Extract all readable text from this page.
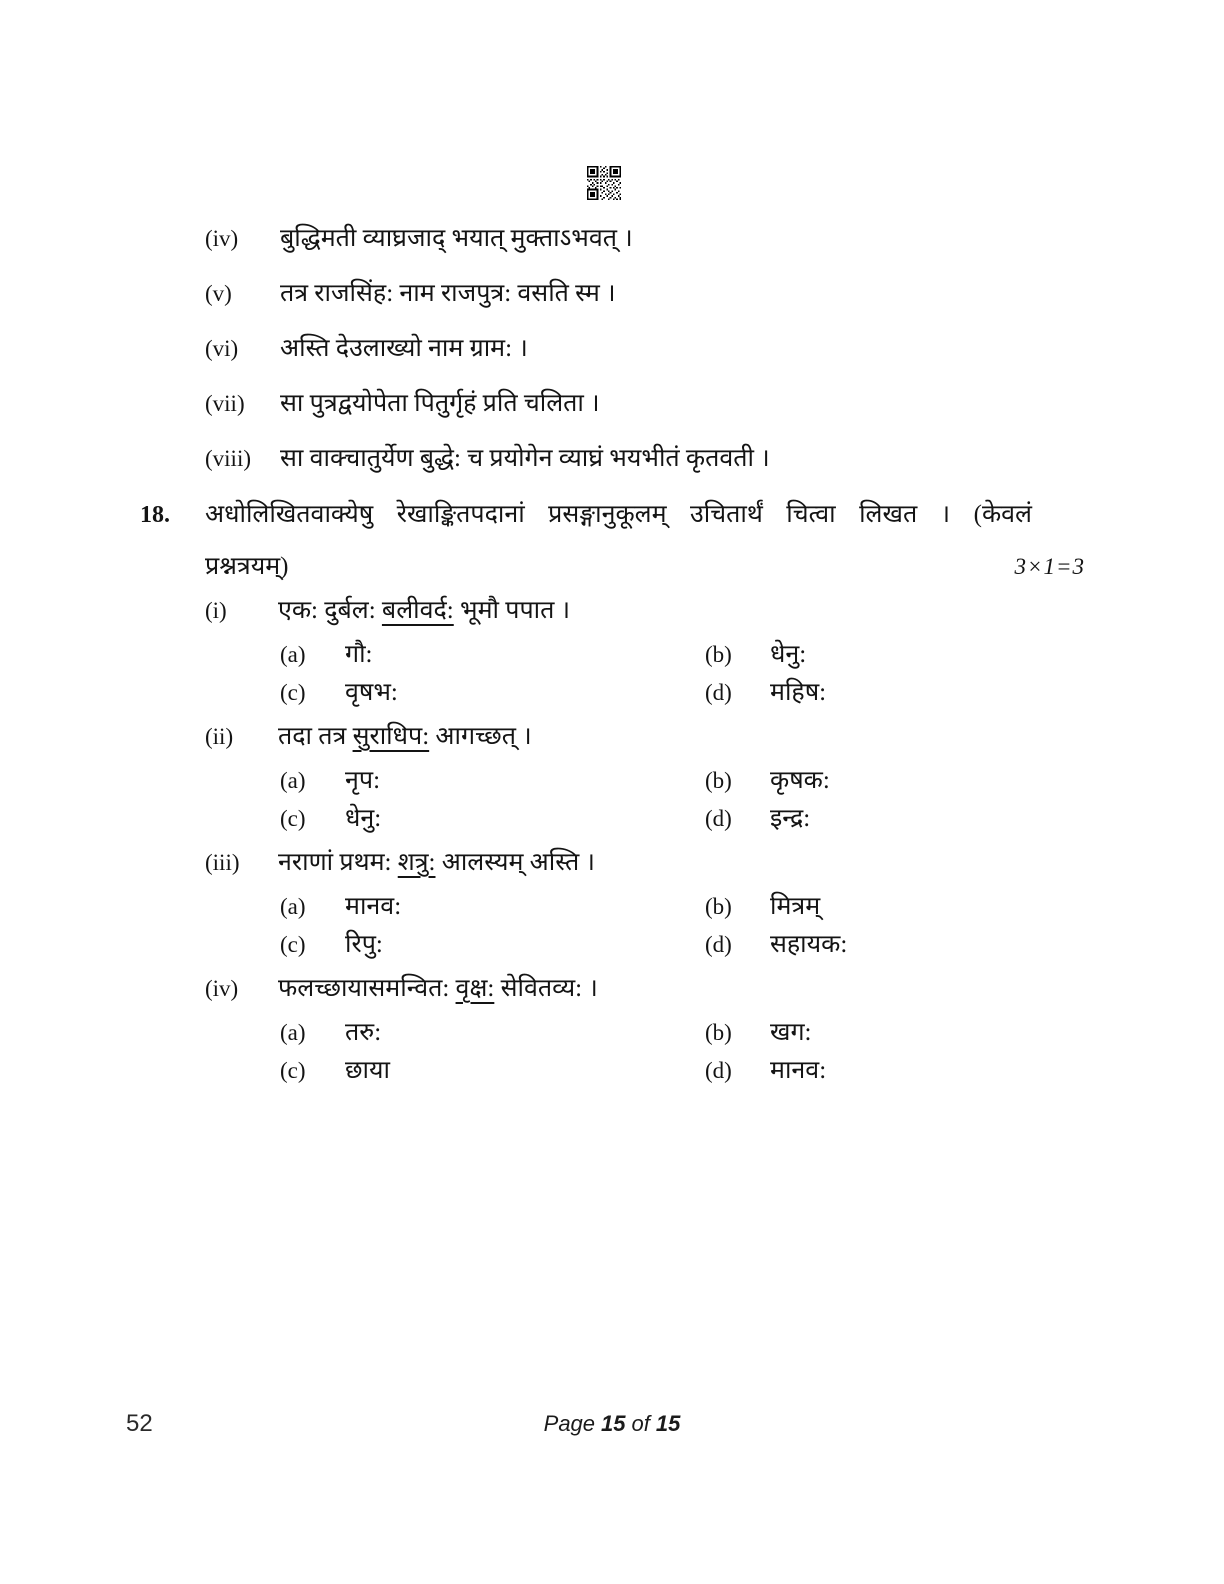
(iv)	बुद्धिमती व्याघ्रजाद् भयात् मुक्ताऽभवत् ।
(v)	तत्र राजसिंह: नाम राजपुत्र: वसति स्म ।
(vi)	अस्ति देउलाख्यो नाम ग्राम: ।
(vii)	सा पुत्रद्वयोपेता पितुर्गृहं प्रति चलिता ।
(viii)	सा वाक्चातुर्येण बुद्धे: च प्रयोगेन व्याघ्रं भयभीतं कृतवती ।
18.	अधोलिखितवाक्येषु रेखाङ्कितपदानां प्रसङ्गानुकूलम् उचितार्थं चित्वा लिखत । (केवलं
प्रश्नत्रयम्)	3×1=3
(i)	एक: दुर्बल: बलीवर्द: भूमौ पपात ।
(a)	गौ:	(b)	धेनु:
(c)	वृषभ:	(d)	महिष:
(ii)	तदा तत्र सुराधिप: आगच्छत् ।
(a)	नृप:	(b)	कृषक:
(c)	धेनु:	(d)	इन्द्र:
(iii)	नराणां प्रथम: शत्रु: आलस्यम् अस्ति ।
(a)	मानव:	(b)	मित्रम्
(c)	रिपु:	(d)	सहायक:
(iv)	फलच्छायासमन्वित: वृक्ष: सेवितव्य: ।
(a)	तरु:	(b)	खग:
(c)	छाया	(d)	मानव:
52	Page 15 of 15
